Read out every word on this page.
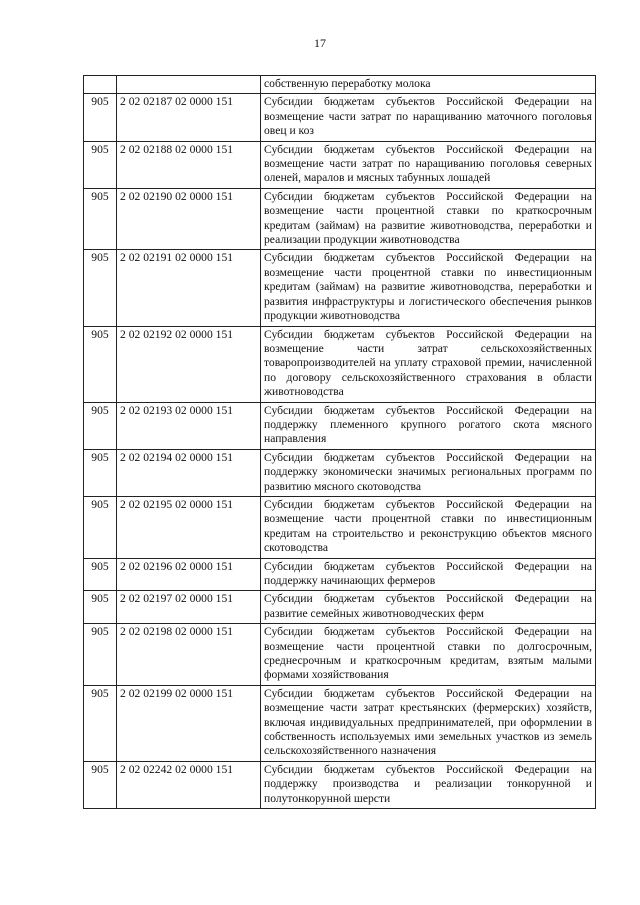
17
		собственную переработку молока
905	2 02 02187 02 0000 151	Субсидии бюджетам субъектов Российской Федерации на возмещение части затрат по наращиванию маточного поголовья овец и коз
905	2 02 02188 02 0000 151	Субсидии бюджетам субъектов Российской Федерации на возмещение части затрат по наращиванию поголовья северных оленей, маралов и мясных табунных лошадей
905	2 02 02190 02 0000 151	Субсидии бюджетам субъектов Российской Федерации на возмещение части процентной ставки по краткосрочным кредитам (займам) на развитие животноводства, переработки и реализации продукции животноводства
905	2 02 02191 02 0000 151	Субсидии бюджетам субъектов Российской Федерации на возмещение части процентной ставки по инвестиционным кредитам (займам) на развитие животноводства, переработки и развития инфраструктуры и логистического обеспечения рынков продукции животноводства
905	2 02 02192 02 0000 151	Субсидии бюджетам субъектов Российской Федерации на возмещение части затрат сельскохозяйственных товаропроизводителей на уплату страховой премии, начисленной по договору сельскохозяйственного страхования в области животноводства
905	2 02 02193 02 0000 151	Субсидии бюджетам субъектов Российской Федерации на поддержку племенного крупного рогатого скота мясного направления
905	2 02 02194 02 0000 151	Субсидии бюджетам субъектов Российской Федерации на поддержку экономически значимых региональных программ по развитию мясного скотоводства
905	2 02 02195 02 0000 151	Субсидии бюджетам субъектов Российской Федерации на возмещение части процентной ставки по инвестиционным кредитам на строительство и реконструкцию объектов мясного скотоводства
905	2 02 02196 02 0000 151	Субсидии бюджетам субъектов Российской Федерации на поддержку начинающих фермеров
905	2 02 02197 02 0000 151	Субсидии бюджетам субъектов Российской Федерации на развитие семейных животноводческих ферм
905	2 02 02198 02 0000 151	Субсидии бюджетам субъектов Российской Федерации на возмещение части процентной ставки по долгосрочным, среднесрочным и краткосрочным кредитам, взятым малыми формами хозяйствования
905	2 02 02199 02 0000 151	Субсидии бюджетам субъектов Российской Федерации на возмещение части затрат крестьянских (фермерских) хозяйств, включая индивидуальных предпринимателей, при оформлении в собственность используемых ими земельных участков из земель сельскохозяйственного назначения
905	2 02 02242 02 0000 151	Субсидии бюджетам субъектов Российской Федерации на поддержку производства и реализации тонкорунной и полутонкорунной шерсти
